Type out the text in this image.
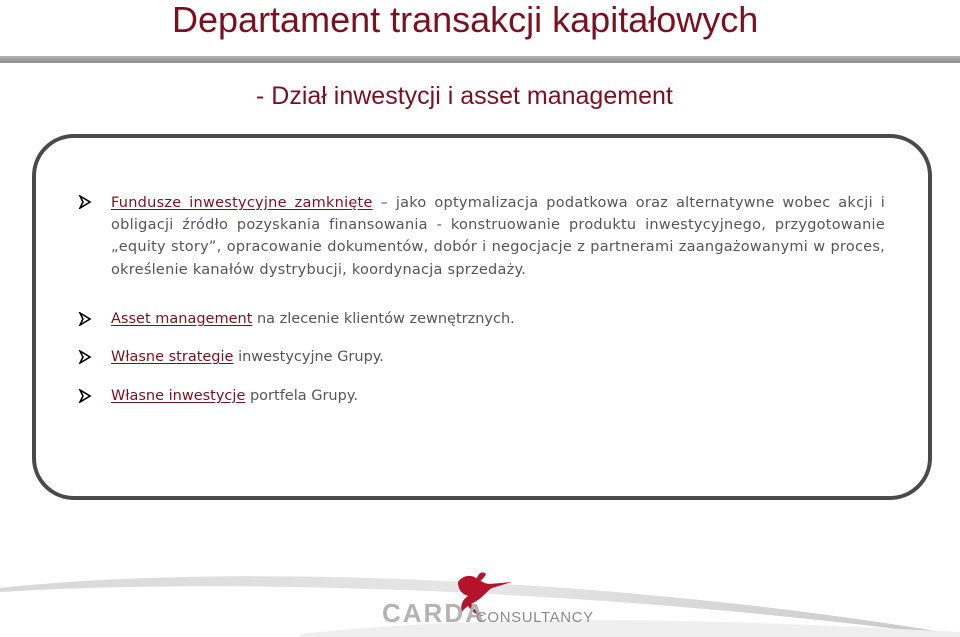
Departament transakcji kapitałowych
- Dział inwestycji i asset management
Fundusze inwestycyjne zamknięte – jako optymalizacja podatkowa oraz alternatywne wobec akcji i obligacji źródło pozyskania finansowania - konstruowanie produktu inwestycyjnego, przygotowanie „equity story”, opracowanie dokumentów, dobór i negocjacje z partnerami zaangażowanymi w proces, określenie kanałów dystrybucji, koordynacja sprzedaży.
Asset management na zlecenie klientów zewnętrznych.
Własne strategie inwestycyjne Grupy.
Własne inwestycje portfela Grupy.
CARDA
CONSULTANCY
